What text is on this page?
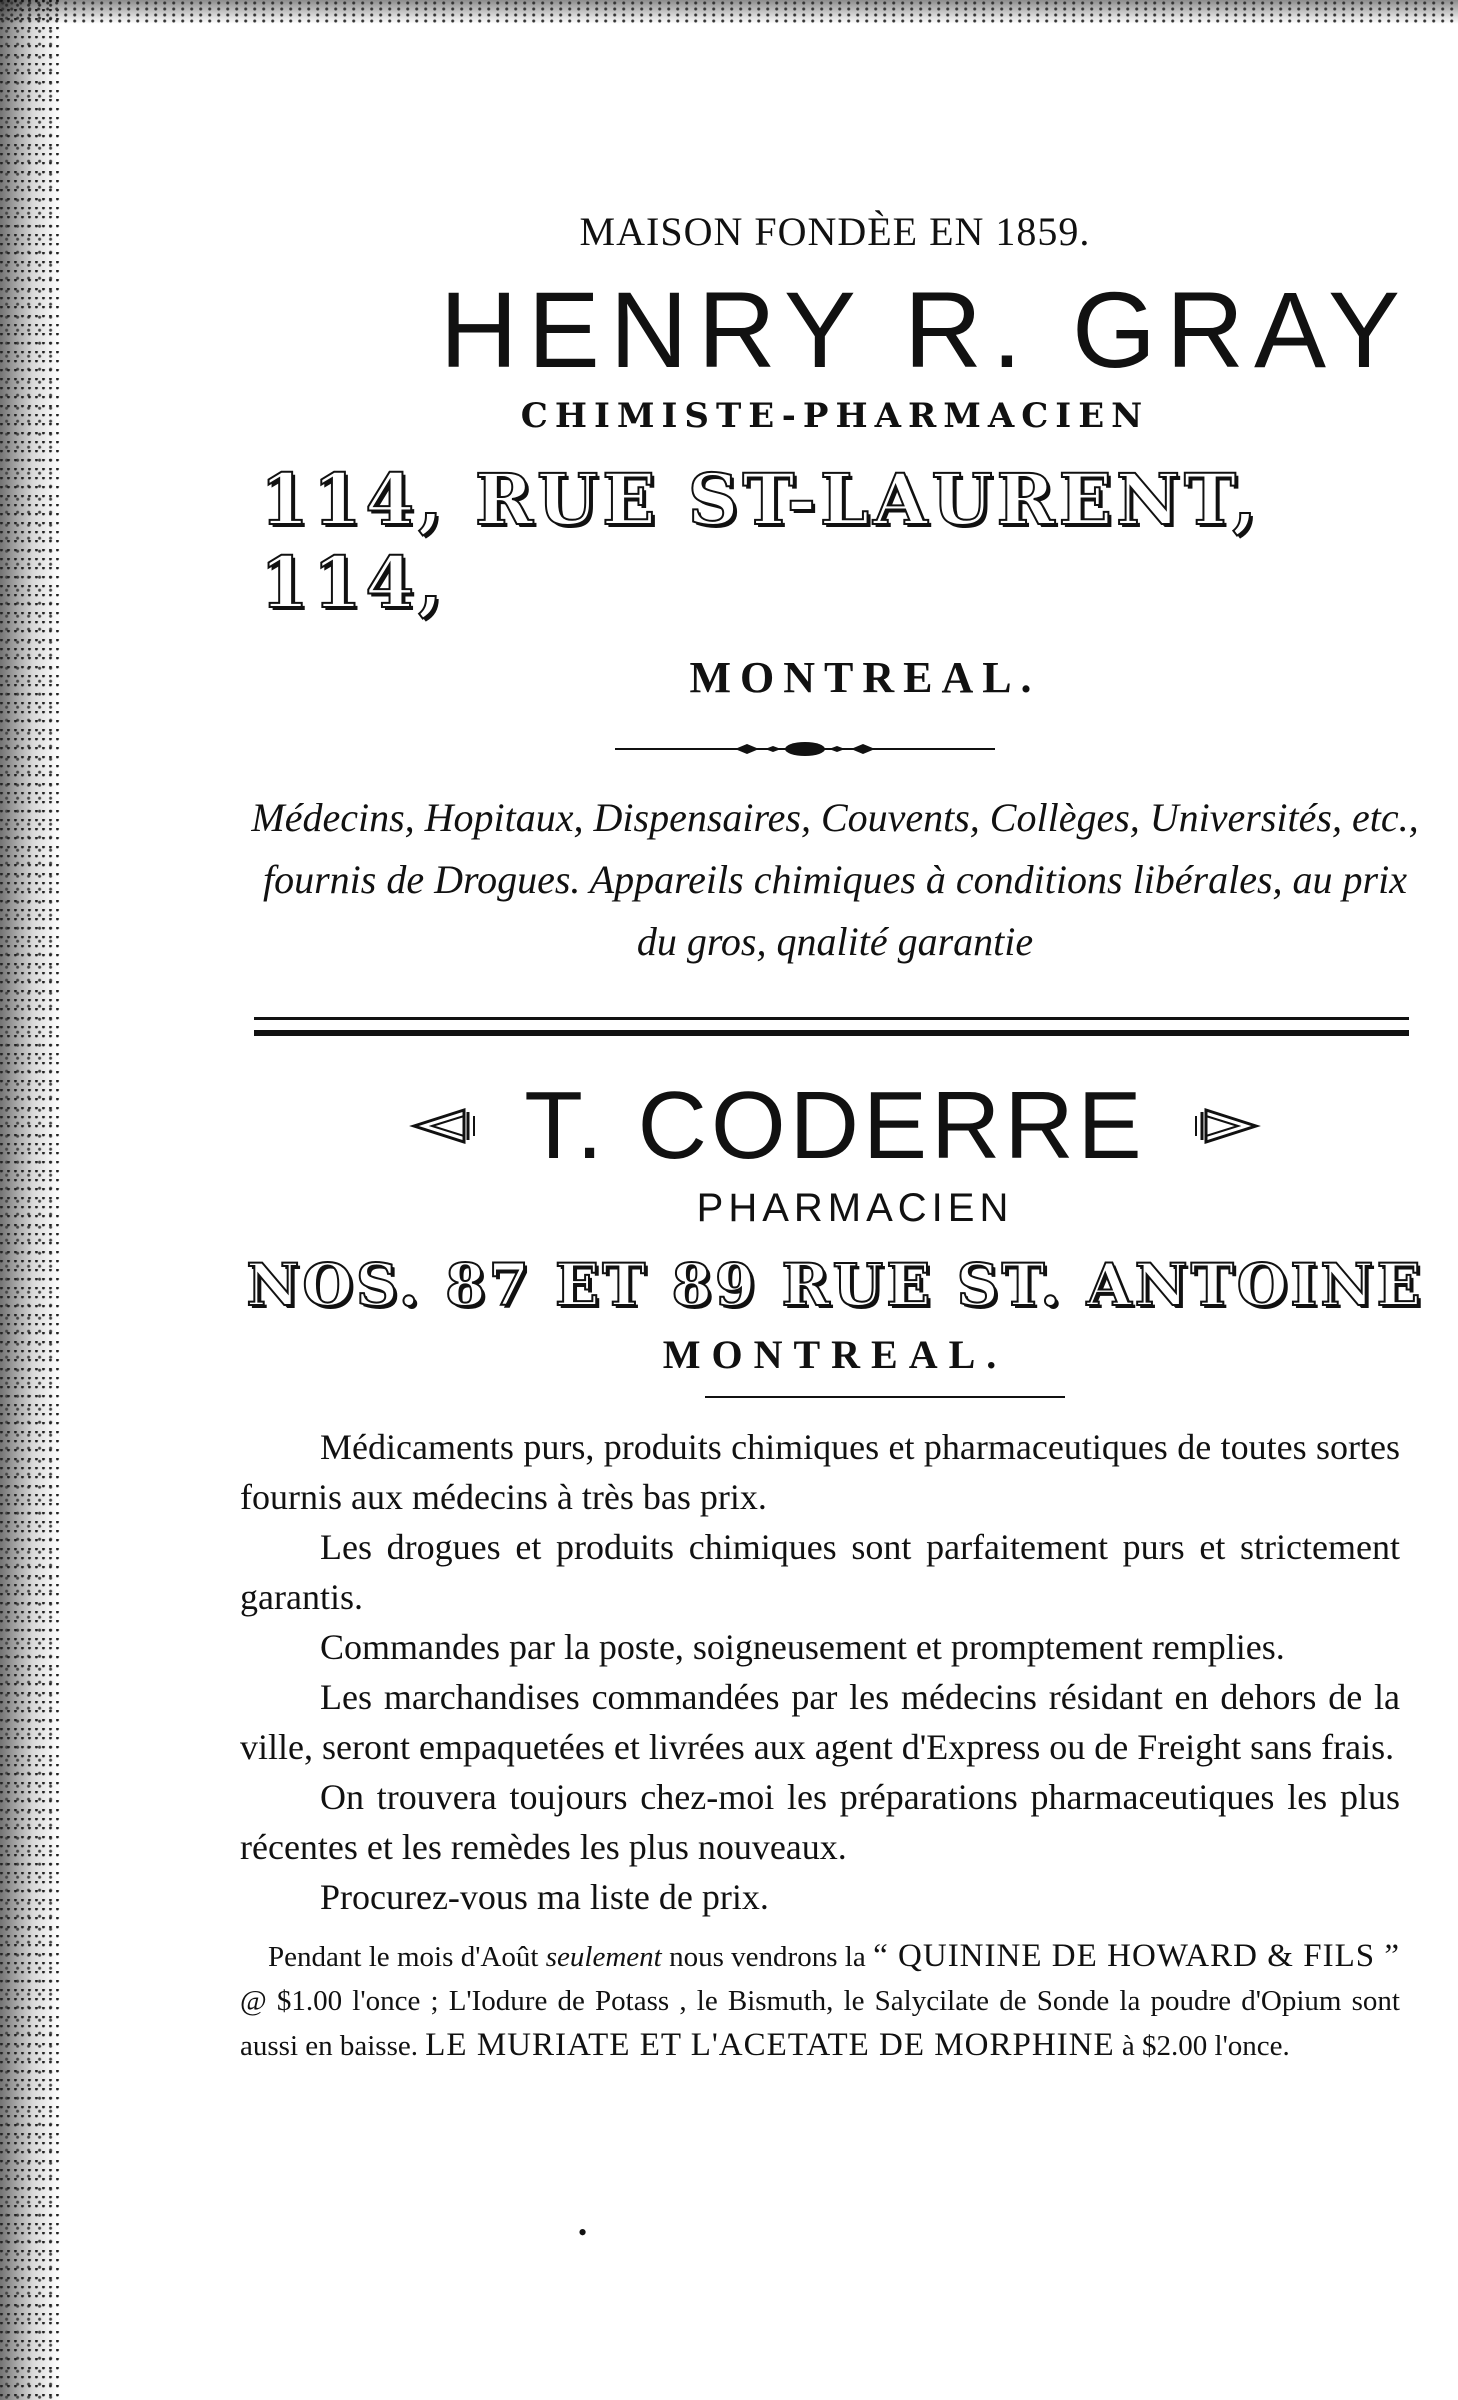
MAISON FONDÈE EN 1859.
HENRY R. GRAY
CHIMISTE-PHARMACIEN
114, RUE ST-LAURENT, 114,
MONTREAL.
Médecins, Hopitaux, Dispensaires, Couvents, Collèges, Universités, etc., fournis de Drogues. Appareils chimiques à conditions libérales, au prix du gros, qnalité garantie
T. CODERRE
PHARMACIEN
NOS. 87 ET 89 RUE ST. ANTOINE
MONTREAL.

Médicaments purs, produits chimiques et pharmaceutiques de toutes sortes fournis aux médecins à très bas prix.

Les drogues et produits chimiques sont parfaitement purs et strictement garantis.

Commandes par la poste, soigneusement et promptement remplies.

Les marchandises commandées par les médecins résidant en dehors de la ville, seront empaquetées et livrées aux agent d'Express ou de Freight sans frais.

On trouvera toujours chez-moi les préparations pharmaceutiques les plus récentes et les remèdes les plus nouveaux.

Procurez-vous ma liste de prix.

Pendant le mois d'Août seulement nous vendrons la “ QUININE DE HOWARD & FILS ” @ $1.00 l'once ; L'Iodure de Potass , le Bismuth, le Salycilate de Sonde la poudre d'Opium sont aussi en baisse. LE MURIATE ET L'ACETATE DE MORPHINE à $2.00 l'once.
•
